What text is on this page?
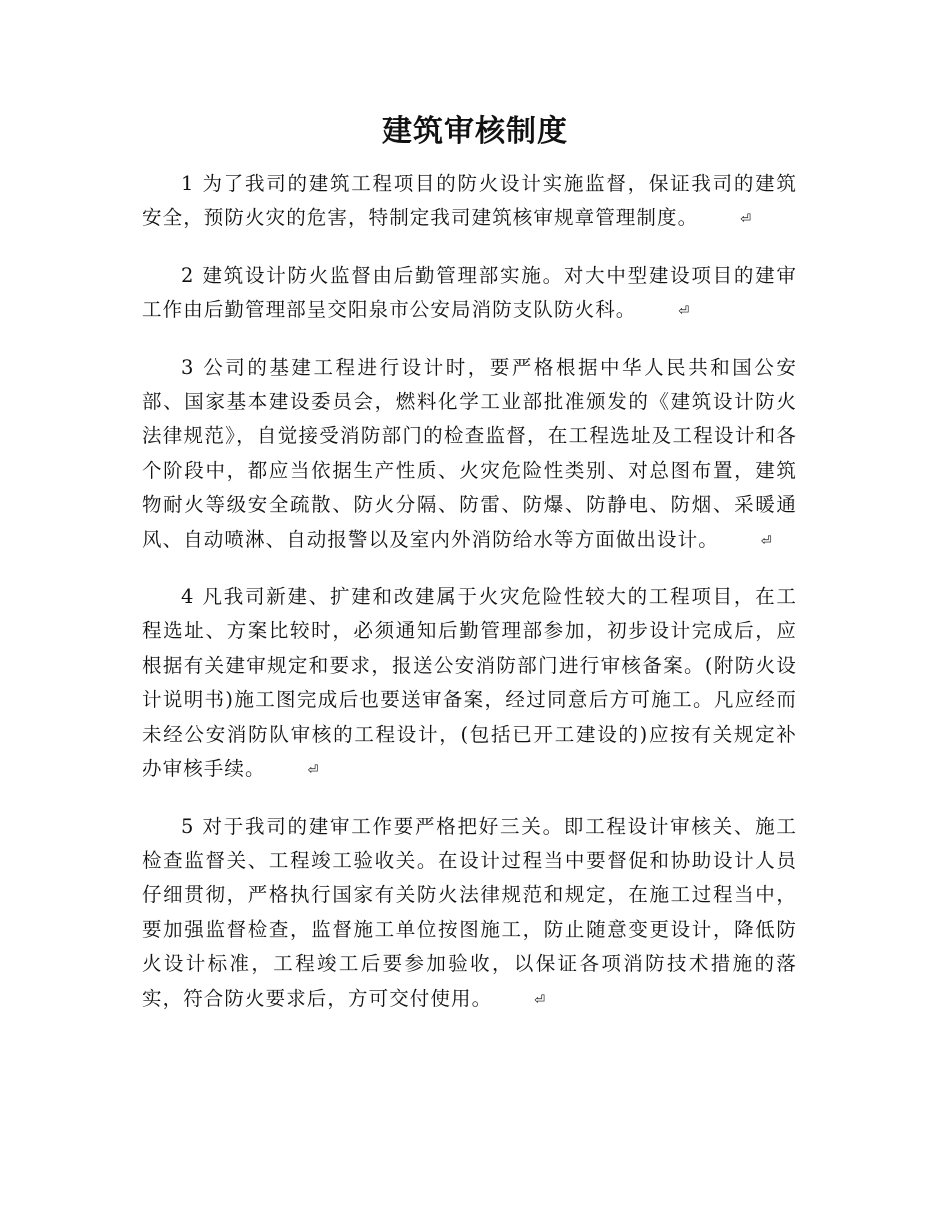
建筑审核制度

1 为了我司的建筑工程项目的防火设计实施监督，保证我司的建筑安全，预防火灾的危害，特制定我司建筑核审规章管理制度。	⏎

2 建筑设计防火监督由后勤管理部实施。对大中型建设项目的建审工作由后勤管理部呈交阳泉市公安局消防支队防火科。	⏎

3 公司的基建工程进行设计时，要严格根据中华人民共和国公安部、国家基本建设委员会，燃料化学工业部批准颁发的《建筑设计防火法律规范》，自觉接受消防部门的检查监督，在工程选址及工程设计和各个阶段中，都应当依据生产性质、火灾危险性类别、对总图布置，建筑物耐火等级安全疏散、防火分隔、防雷、防爆、防静电、防烟、采暖通风、自动喷淋、自动报警以及室内外消防给水等方面做出设计。	⏎

4 凡我司新建、扩建和改建属于火灾危险性较大的工程项目，在工程选址、方案比较时，必须通知后勤管理部参加，初步设计完成后，应根据有关建审规定和要求，报送公安消防部门进行审核备案。(附防火设计说明书)施工图完成后也要送审备案，经过同意后方可施工。凡应经而未经公安消防队审核的工程设计，(包括已开工建设的)应按有关规定补办审核手续。	⏎

5 对于我司的建审工作要严格把好三关。即工程设计审核关、施工检查监督关、工程竣工验收关。在设计过程当中要督促和协助设计人员仔细贯彻，严格执行国家有关防火法律规范和规定，在施工过程当中，要加强监督检查，监督施工单位按图施工，防止随意变更设计，降低防火设计标准，工程竣工后要参加验收，以保证各项消防技术措施的落实，符合防火要求后，方可交付使用。	⏎
